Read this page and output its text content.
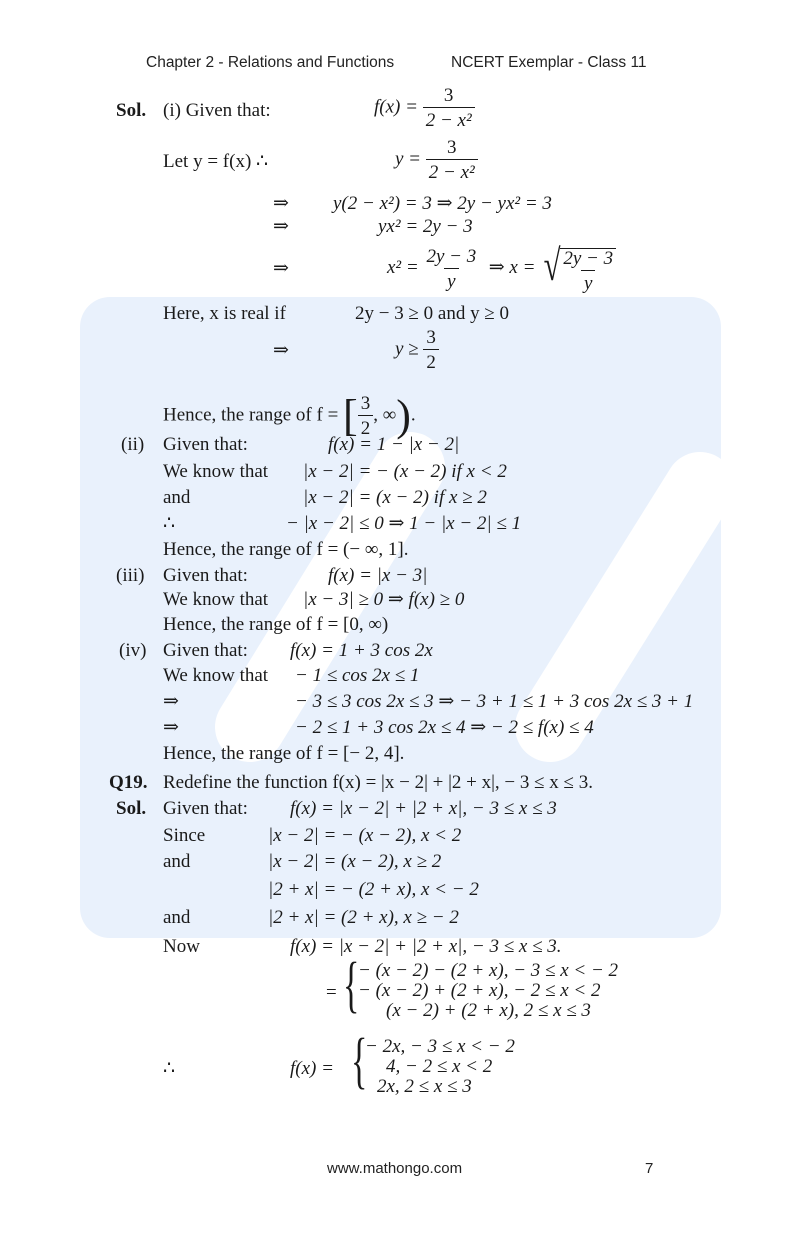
Chapter 2 - Relations and Functions	NCERT Exemplar - Class 11
Sol. (i) Given that:	$f(x) = \frac{3}{\text{2 − x²}}$
Let y = f(x) ∴	$y = \frac{3}{\text{2 − x²}}$
⇒ y(2 − x²) = 3 ⇒ 2y − yx² = 3
⇒	yx² = 2y − 3
⇒	$x^2 = \frac{2y - 3}{y}$ ⇒ x = √ $\frac{2y - 3}{y}$
Here, x is real if	2y − 3 ≥ 0 and y ≥ 0
⇒	$y \ge \frac{3}{2}$
Hence, the range of f = [ $\frac{3}{2}$ , ∞).
(ii) Given that:	f(x) = 1 − |x − 2|
We know that |x − 2| = − (x − 2) if x < 2
and	|x − 2| = (x − 2) if x ≥ 2
∴	− |x − 2| ≤ 0 ⇒ 1 − |x − 2| ≤ 1
Hence, the range of f = (− ∞, 1].
(iii) Given that:	f(x) = |x − 3|
We know that |x − 3| ≥ 0 ⇒ f(x) ≥ 0
Hence, the range of f = [0, ∞)
(iv) Given that: f(x) = 1 + 3 cos 2x
We know that − 1 ≤ cos 2x ≤ 1
⇒	− 3 ≤ 3 cos 2x ≤ 3 ⇒ − 3 + 1 ≤ 1 + 3 cos 2x ≤ 3 + 1
⇒	− 2 ≤ 1 + 3 cos 2x ≤ 4 ⇒ − 2 ≤ f(x) ≤ 4
Hence, the range of f = [− 2, 4].
Q19. Redefine the function f(x) = |x − 2| + |2 + x|, − 3 ≤ x ≤ 3.
Sol. Given that: f(x) = |x − 2| + |2 + x|, − 3 ≤ x ≤ 3
Since	|x − 2| = − (x − 2), x < 2
and	|x − 2| = (x − 2), x ≥ 2
|2 + x| = − (2 + x), x < − 2
and	|2 + x| = (2 + x), x ≥ − 2
Now	f(x) = |x − 2| + |2 + x|, − 3 ≤ x ≤ 3.
= {
− (x − 2) − (2 + x), − 3 ≤ x < − 2
− (x − 2) + (2 + x), − 2 ≤ x < 2
(x − 2) + (2 + x), 2 ≤ x ≤ 3
∴	f(x) = {
− 2x, − 3 ≤ x < − 2
4, − 2 ≤ x < 2
2x, 2 ≤ x ≤ 3
www.mathongo.com	7
